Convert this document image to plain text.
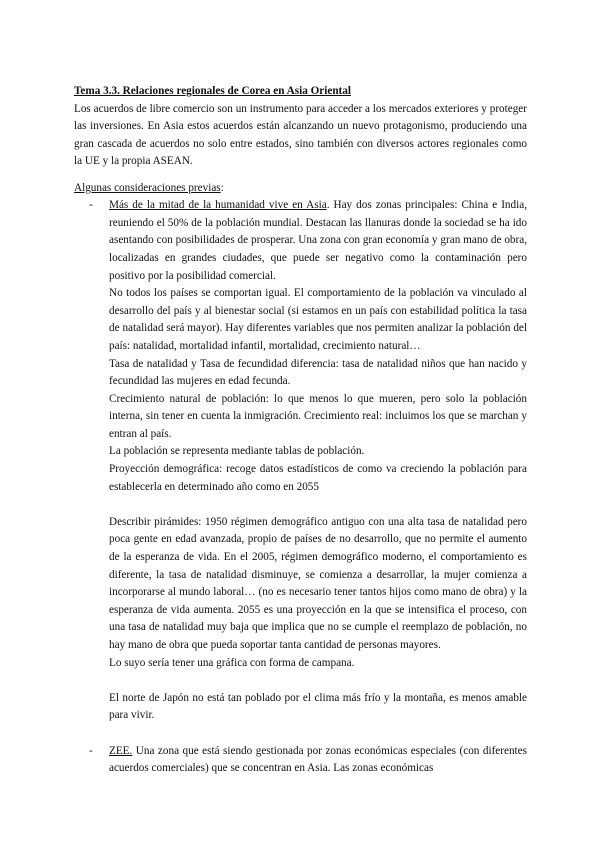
Tema 3.3. Relaciones regionales de Corea en Asia Oriental

Los acuerdos de libre comercio son un instrumento para acceder a los mercados exteriores y proteger las inversiones. En Asia estos acuerdos están alcanzando un nuevo protagonismo, produciendo una gran cascada de acuerdos no solo entre estados, sino también con diversos actores regionales como la UE y la propia ASEAN.

Algunas consideraciones previas:

- Más de la mitad de la humanidad vive en Asia. Hay dos zonas principales: China e India, reuniendo el 50% de la población mundial. Destacan las llanuras donde la sociedad se ha ido asentando con posibilidades de prosperar. Una zona con gran economía y gran mano de obra, localizadas en grandes ciudades, que puede ser negativo como la contaminación pero positivo por la posibilidad comercial.

No todos los países se comportan igual. El comportamiento de la población va vinculado al desarrollo del país y al bienestar social (si estamos en un país con estabilidad política la tasa de natalidad será mayor). Hay diferentes variables que nos permiten analizar la población del país: natalidad, mortalidad infantil, mortalidad, crecimiento natural…

Tasa de natalidad y Tasa de fecundidad diferencia: tasa de natalidad niños que han nacido y fecundidad las mujeres en edad fecunda.

Crecimiento natural de población: lo que menos lo que mueren, pero solo la población interna, sin tener en cuenta la inmigración. Crecimiento real: incluimos los que se marchan y entran al país.

La población se representa mediante tablas de población.

Proyección demográfica: recoge datos estadísticos de como va creciendo la población para establecerla en determinado año como en 2055

Describir pirámides: 1950 régimen demográfico antiguo con una alta tasa de natalidad pero poca gente en edad avanzada, propio de países de no desarrollo, que no permite el aumento de la esperanza de vida. En el 2005, régimen demográfico moderno, el comportamiento es diferente, la tasa de natalidad disminuye, se comienza a desarrollar, la mujer comienza a incorporarse al mundo laboral… (no es necesario tener tantos hijos como mano de obra) y la esperanza de vida aumenta. 2055 es una proyección en la que se intensifica el proceso, con una tasa de natalidad muy baja que implica que no se cumple el reemplazo de población, no hay mano de obra que pueda soportar tanta cantidad de personas mayores.

Lo suyo sería tener una gráfica con forma de campana.

El norte de Japón no está tan poblado por el clima más frío y la montaña, es menos amable para vivir.

- ZEE. Una zona que está siendo gestionada por zonas económicas especiales (con diferentes acuerdos comerciales) que se concentran en Asia. Las zonas económicas
